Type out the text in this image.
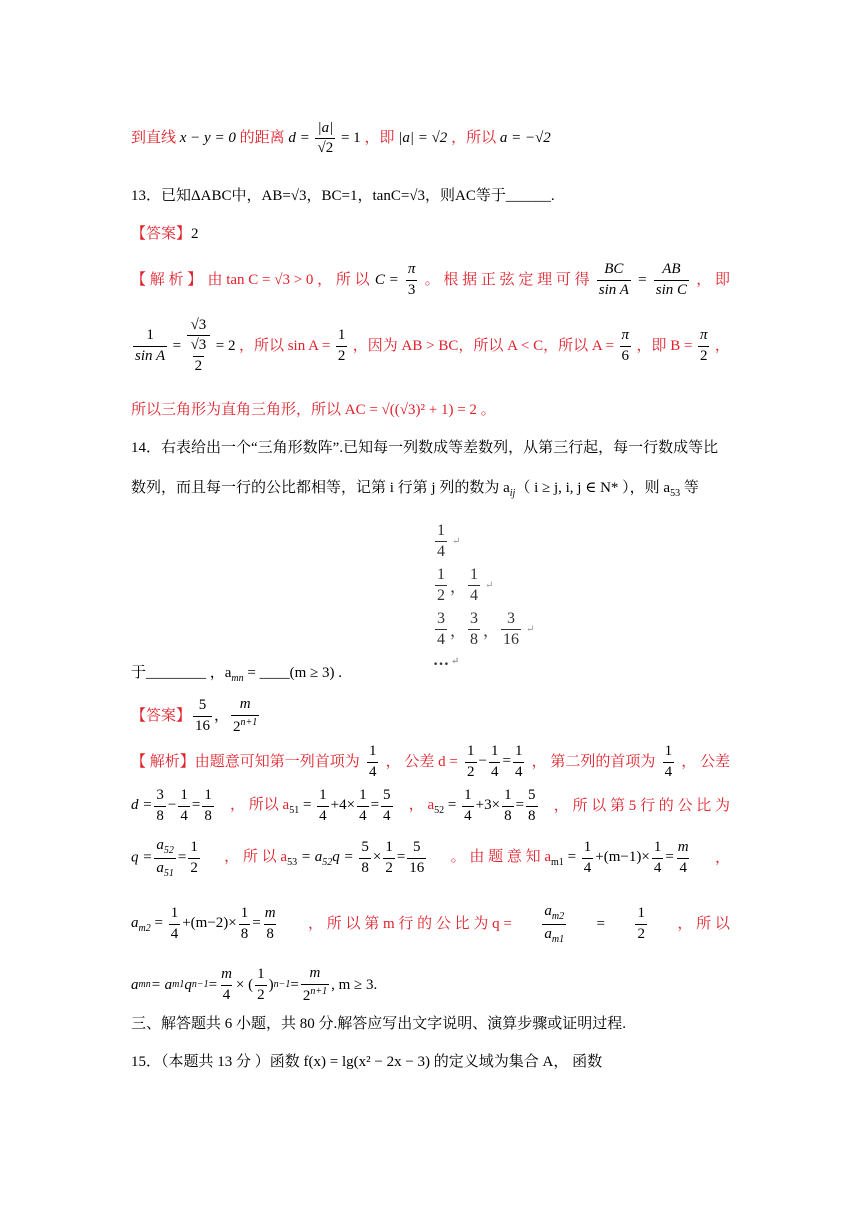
到直线 x − y = 0 的距离 $d = \frac{|a|}{√2} = 1$ ，即 |a| = √2 ，所以 a = −√2
13．已知ΔABC中，AB=√3，BC=1，tanC=√3，则AC等于______.
【答案】2
【 解 析 】 由 tan C = √3 > 0 ， 所 以 $C = \frac{\pi}{3}$ 。 根 据 正 弦 定 理 可 得 $\frac{BC}{\text{sin A}} = \frac{AB}{\text{sin C}}$ ， 即
$\frac{1}{\text{sin A}} = \frac{√3}{\frac{√3}{2}} = 2$ ，所以 $\sin A = \frac{1}{2}$ ，因为 AB > BC，所以 A < C，所以 $A = \frac{\pi}{6}$ ，即 $B = \frac{\pi}{2}$ ，
所以三角形为直角三角形，所以 AC = √((√3)² + 1) = 2 。
14．右表给出一个“三角形数阵”.已知每一列数成等差数列，从第三行起，每一行数成等比
数列，而且每一行的公比都相等，记第 i 行第 j 列的数为 $a_{ij}$（ i ≥ j, i, j ∈ N* ），则 $a_{53}$ 等
$\frac{1}{4}$ ↵
$\frac{1}{2}$ ， $\frac{1}{4}$ ↵
$\frac{3}{4}$ ， $\frac{3}{8}$ ， $\frac{3}{16}$ ↵
… ↵
于________ ，$a_{mn}$ = ____(m ≥ 3) .
【答案】 $\frac{5}{16}$ ， $\frac{m}{2^{n+1}}$
【 解析】由题意可知第一列首项为 $\frac{1}{4}$ ， 公差 $d = \frac{1}{2} - \frac{1}{4} = \frac{1}{4}$ ， 第二列的首项为 $\frac{1}{4}$ ， 公差
$d = \frac{3}{8} - \frac{1}{4} = \frac{1}{8}$ ， 所以 $a_{51} = \frac{1}{4} +4\times \frac{1}{4} = \frac{5}{4}$ ， $a_{52} = \frac{1}{4} +3\times \frac{1}{8} = \frac{5}{8}$ ， 所 以 第 5 行 的 公 比 为
$q = \frac{a_{52}}{a_{51}} = \frac{1}{2}$ ， 所 以 $a_{53} = a_{52}q = \frac{5}{8} \times \frac{1}{2} = \frac{5}{16}$ 。 由 题 意 知 $a_{m1} = \frac{1}{4} +(m-1)\times \frac{1}{4} = \frac{m}{4}$ ，
$a_{m2} = \frac{1}{4} +(m-2)\times \frac{1}{8} = \frac{m}{8}$ ， 所 以 第 m 行 的 公 比 为 $q = \frac{a_{m2}}{a_{m1}} = \frac{1}{2}$ ， 所 以
a mn = a m1 q $n-1 = \frac{m}{4}$ × ( $\frac{1}{2}$ ) $n-1 = \frac{m}{2^{n+1}}$ , m ≥ 3.
三、解答题共 6 小题，共 80 分.解答应写出文字说明、演算步骤或证明过程.
15．（本题共 13 分 ）函数 f(x) = lg(x² − 2x − 3) 的定义域为集合 A， 函数
